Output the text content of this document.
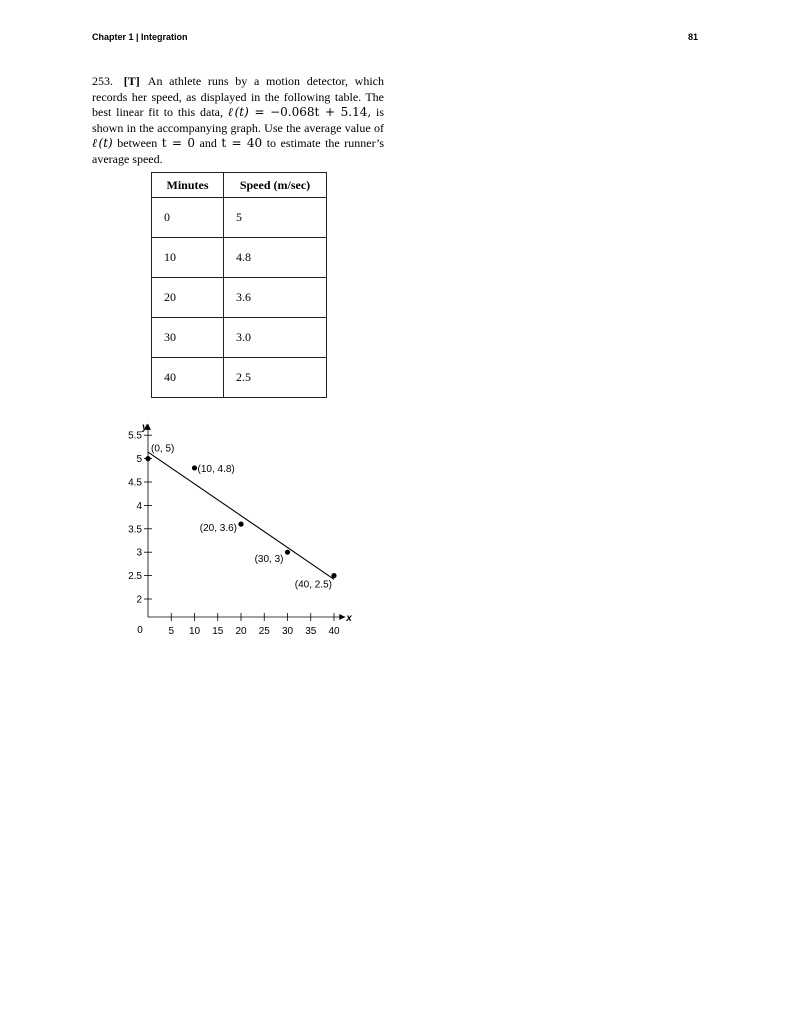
Chapter 1 | Integration	81
253. [T] An athlete runs by a motion detector, which records her speed, as displayed in the following table. The best linear fit to this data, ℓ(t) = −0.068t + 5.14, is shown in the accompanying graph. Use the average value of ℓ(t) between t = 0 and t = 40 to estimate the runner’s average speed.
Minutes	Speed (m/sec)
0	5
10	4.8
20	3.6
30	3.0
40	2.5
y
x
0
2
2.5
3
3.5
4
4.5
5
5.5
5 10 15 20 25 30 35 40
(0, 5)
(10, 4.8)
(20, 3.6)
(30, 3)
(40, 2.5)
